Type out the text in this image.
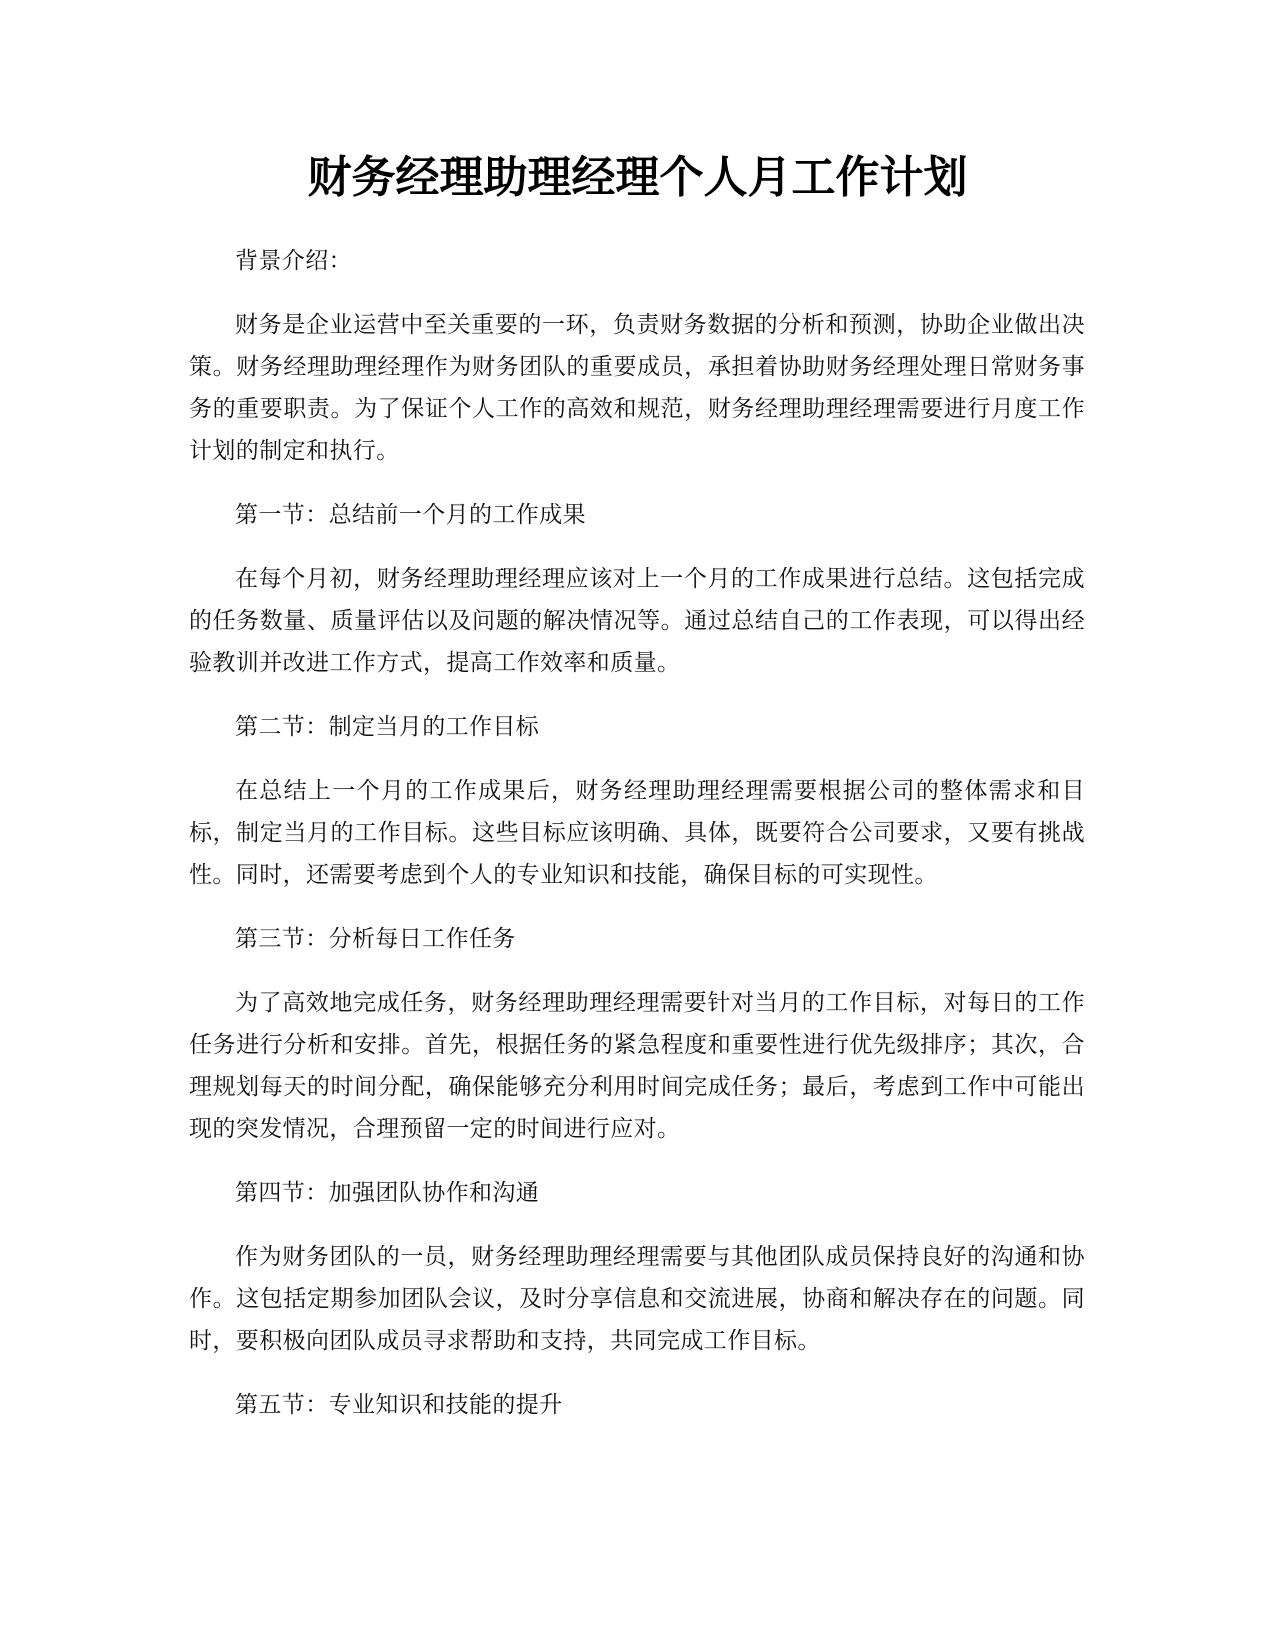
财务经理助理经理个人月工作计划

背景介绍：

财务是企业运营中至关重要的一环，负责财务数据的分析和预测，协助企业做出决策。财务经理助理经理作为财务团队的重要成员，承担着协助财务经理处理日常财务事务的重要职责。为了保证个人工作的高效和规范，财务经理助理经理需要进行月度工作计划的制定和执行。

第一节：总结前一个月的工作成果

在每个月初，财务经理助理经理应该对上一个月的工作成果进行总结。这包括完成的任务数量、质量评估以及问题的解决情况等。通过总结自己的工作表现，可以得出经验教训并改进工作方式，提高工作效率和质量。

第二节：制定当月的工作目标

在总结上一个月的工作成果后，财务经理助理经理需要根据公司的整体需求和目标，制定当月的工作目标。这些目标应该明确、具体，既要符合公司要求，又要有挑战性。同时，还需要考虑到个人的专业知识和技能，确保目标的可实现性。

第三节：分析每日工作任务

为了高效地完成任务，财务经理助理经理需要针对当月的工作目标，对每日的工作任务进行分析和安排。首先，根据任务的紧急程度和重要性进行优先级排序；其次，合理规划每天的时间分配，确保能够充分利用时间完成任务；最后，考虑到工作中可能出现的突发情况，合理预留一定的时间进行应对。

第四节：加强团队协作和沟通

作为财务团队的一员，财务经理助理经理需要与其他团队成员保持良好的沟通和协作。这包括定期参加团队会议，及时分享信息和交流进展，协商和解决存在的问题。同时，要积极向团队成员寻求帮助和支持，共同完成工作目标。

第五节：专业知识和技能的提升
